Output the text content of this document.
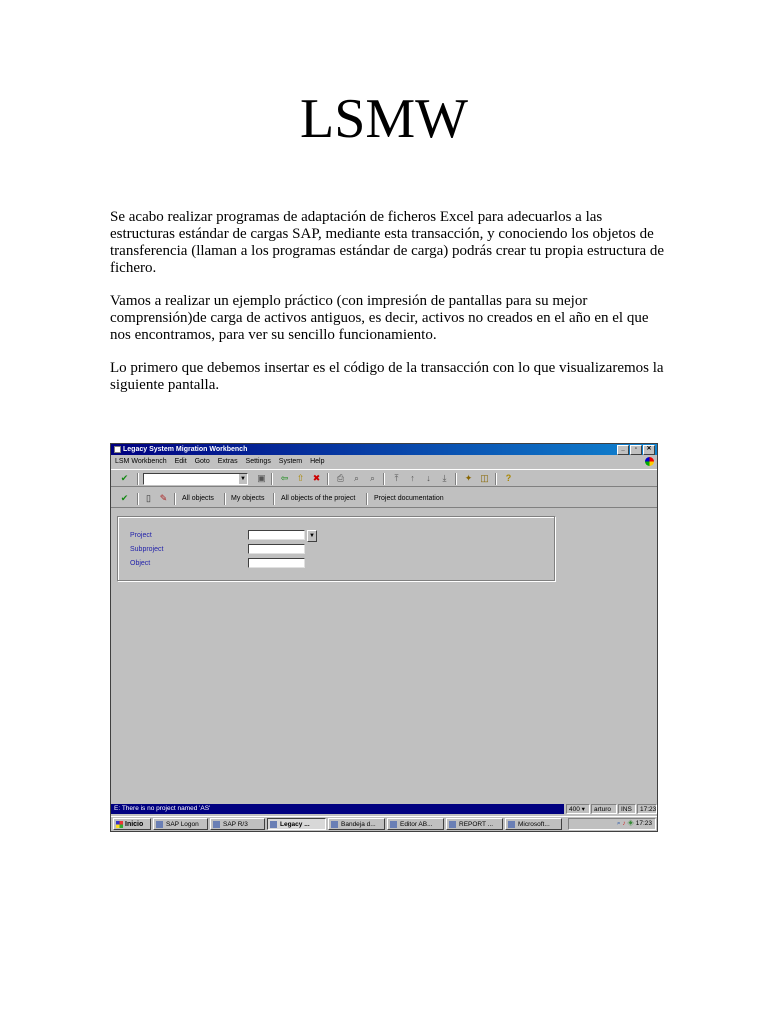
LSMW

Se acabo realizar programas de adaptación de ficheros Excel para adecuarlos a las estructuras estándar de cargas SAP, mediante esta transacción, y conociendo los objetos de transferencia (llaman a los programas estándar de carga) podrás crear tu propia estructura de fichero.

Vamos a realizar un ejemplo práctico (con impresión de pantallas para su mejor comprensión)de carga de activos antiguos, es decir, activos no creados en el año en el que nos encontramos, para ver su sencillo funcionamiento.

Lo primero que debemos insertar es el código de la transacción con lo que visualizaremos la siguiente pantalla.

Legacy System Migration Workbench	_ ▫ ✕
LSM Workbench Edit Goto Extras Settings System Help
✔	▼ ▣ ⇦ ⇧ ✖ ⎙	⌕	⌕	⤒	↑	↓	⤓	✦ ◫	?
✔	▯ ✎ All objects My objects All objects of the project	Project documentation
Project	▼
Subproject
Object
E: There is no project named 'AS'	400 ▾	arturo	INS	17:23
Inicio	SAP Logon	SAP R/3	Legacy ...	Bandeja d...	Editor AB...	REPORT ...	Microsoft...	⌕ ♪ ◈ 17:23
